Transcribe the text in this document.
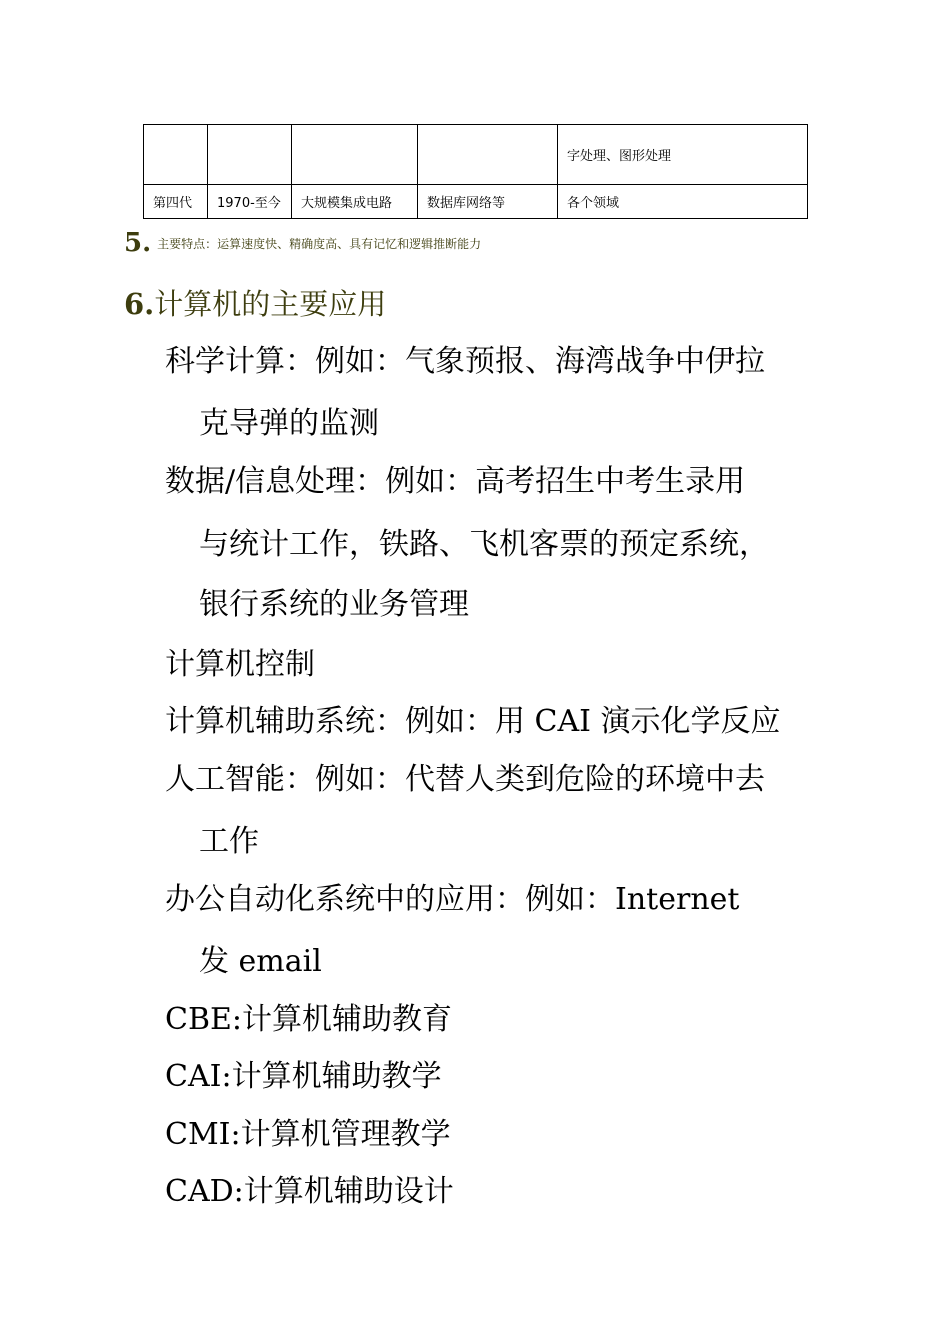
				字处理、图形处理
第四代	1970-至今	大规模集成电路	数据库网络等	各个领域
5. 主要特点：运算速度快、精确度高、具有记忆和逻辑推断能力
6.计算机的主要应用
科学计算：例如：气象预报、海湾战争中伊拉
克导弹的监测
数据/信息处理：例如：高考招生中考生录用
与统计工作，铁路、飞机客票的预定系统，
银行系统的业务管理
计算机控制
计算机辅助系统：例如：用 CAI 演示化学反应
人工智能：例如：代替人类到危险的环境中去
工作
办公自动化系统中的应用：例如：Internet
发 email
CBE:计算机辅助教育
CAI:计算机辅助教学
CMI:计算机管理教学
CAD:计算机辅助设计
